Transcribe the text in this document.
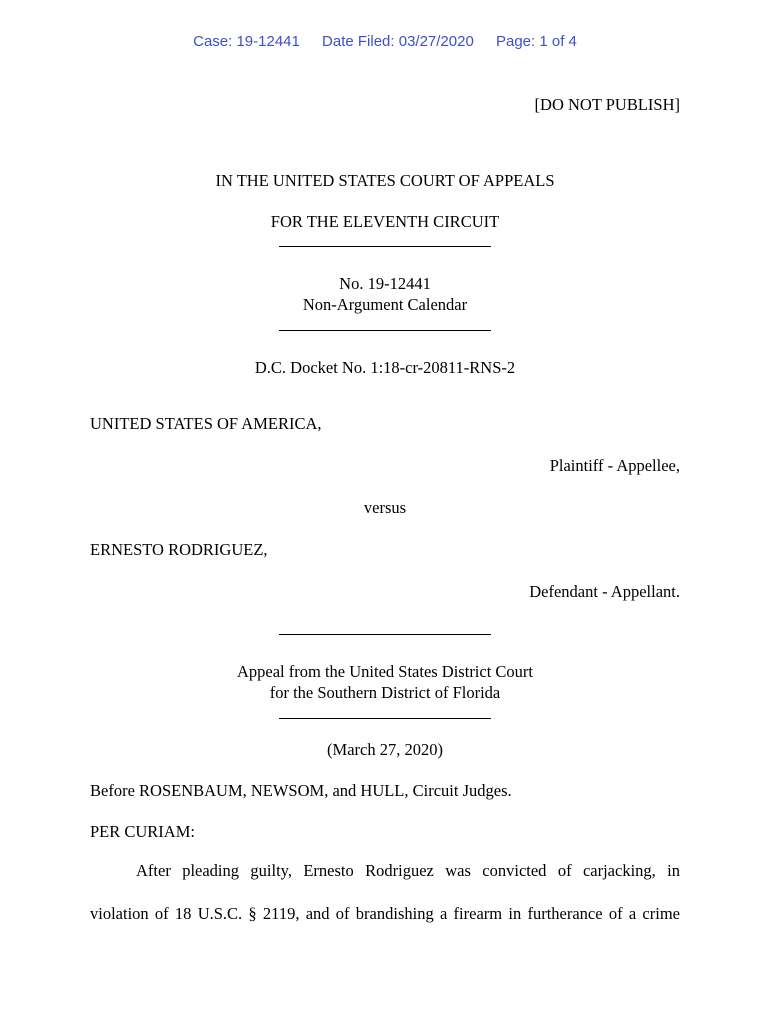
Case: 19-12441 Date Filed: 03/27/2020 Page: 1 of 4
[DO NOT PUBLISH]
IN THE UNITED STATES COURT OF APPEALS
FOR THE ELEVENTH CIRCUIT
No. 19-12441
Non-Argument Calendar
D.C. Docket No. 1:18-cr-20811-RNS-2
UNITED STATES OF AMERICA,
Plaintiff - Appellee,
versus
ERNESTO RODRIGUEZ,
Defendant - Appellant.
Appeal from the United States District Court
for the Southern District of Florida
(March 27, 2020)
Before ROSENBAUM, NEWSOM, and HULL, Circuit Judges.
PER CURIAM:
After pleading guilty, Ernesto Rodriguez was convicted of carjacking, in
violation of 18 U.S.C. § 2119, and of brandishing a firearm in furtherance of a crime
